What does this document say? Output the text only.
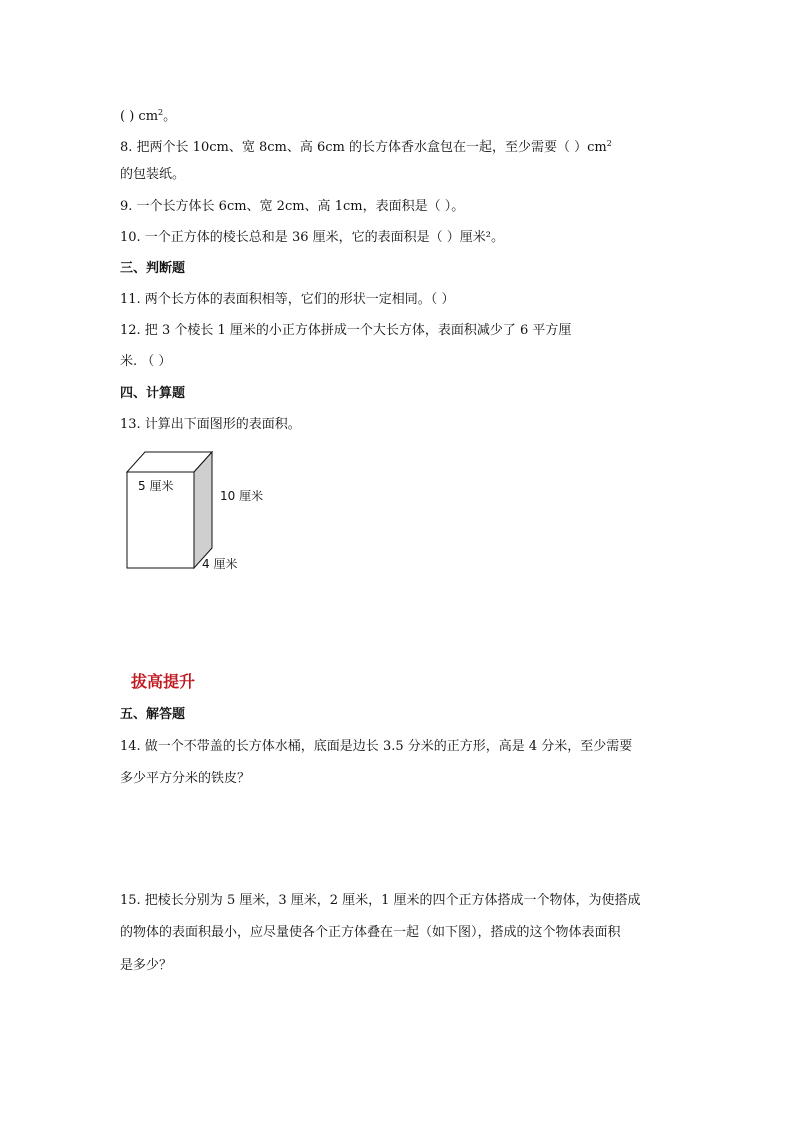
( ) $cm^2$。
8. 把两个长 10cm、宽 8cm、高 6cm 的长方体香水盒包在一起，至少需要（ ）$cm^2$
的包装纸。
9. 一个长方体长 6cm、宽 2cm、高 1cm，表面积是（ ）。
10. 一个正方体的棱长总和是 36 厘米，它的表面积是（ ）厘米²。
三、判断题
11. 两个长方体的表面积相等，它们的形状一定相同。（ ）
12. 把 3 个棱长 1 厘米的小正方体拼成一个大长方体，表面积减少了 6 平方厘
米. （ ）
四、计算题
13. 计算出下面图形的表面积。
5 厘米
10 厘米
4 厘米
拔高提升
五、解答题
14. 做一个不带盖的长方体水桶，底面是边长 3.5 分米的正方形，高是 4 分米，至少需要
多少平方分米的铁皮？
15. 把棱长分别为 5 厘米，3 厘米，2 厘米，1 厘米的四个正方体搭成一个物体，为使搭成
的物体的表面积最小，应尽量使各个正方体叠在一起（如下图），搭成的这个物体表面积
是多少？
